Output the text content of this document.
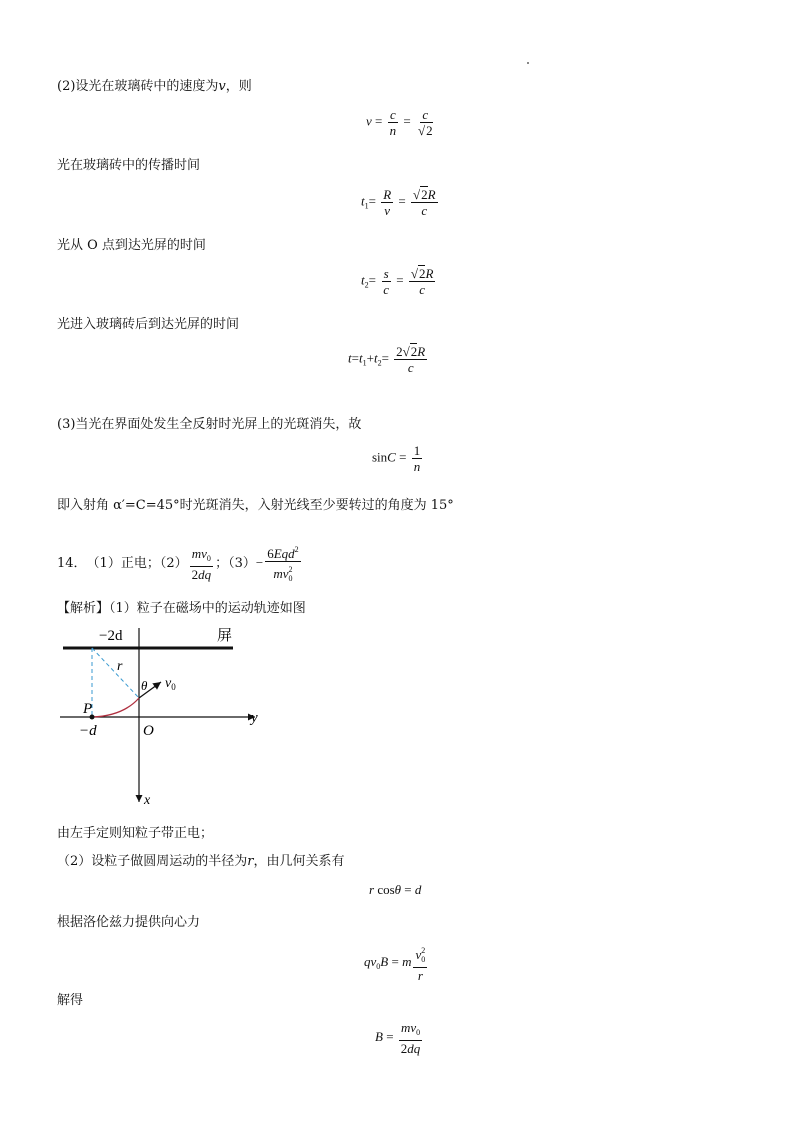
(2)设光在玻璃砖中的速度为v，则
$v = \frac{c}{n} = \frac{c}{√2}$
光在玻璃砖中的传播时间
$t_1= \frac{R}{v} = \frac{√2R}{c}$
光从 O 点到达光屏的时间
$t_2= \frac{s}{c} = \frac{√2R}{c}$
光进入玻璃砖后到达光屏的时间
$t=t_1+t_2= \frac{2√2R}{c}$
(3)当光在界面处发生全反射时光屏上的光斑消失，故
$\sin C = \frac{1}{n}$
即入射角 α′=C=45°时光斑消失，入射光线至少要转过的角度为 15°
14． （1）正电；$(2) \frac{mv_0}{2dq}$ ；$(3) - \frac{6Eqd^2}{mv^2_0}$
【解析】（1）粒子在磁场中的运动轨迹如图
−2d	屏
r
θ $v_0$
P
−d	O
y
x
由左手定则知粒子带正电；
（2）设粒子做圆周运动的半径为r，由几何关系有
r cosθ = d
根据洛伦兹力提供向心力
$qv_0B = m \frac{v^2_0}{r}$
解得
$B = \frac{mv_0}{2dq}$
